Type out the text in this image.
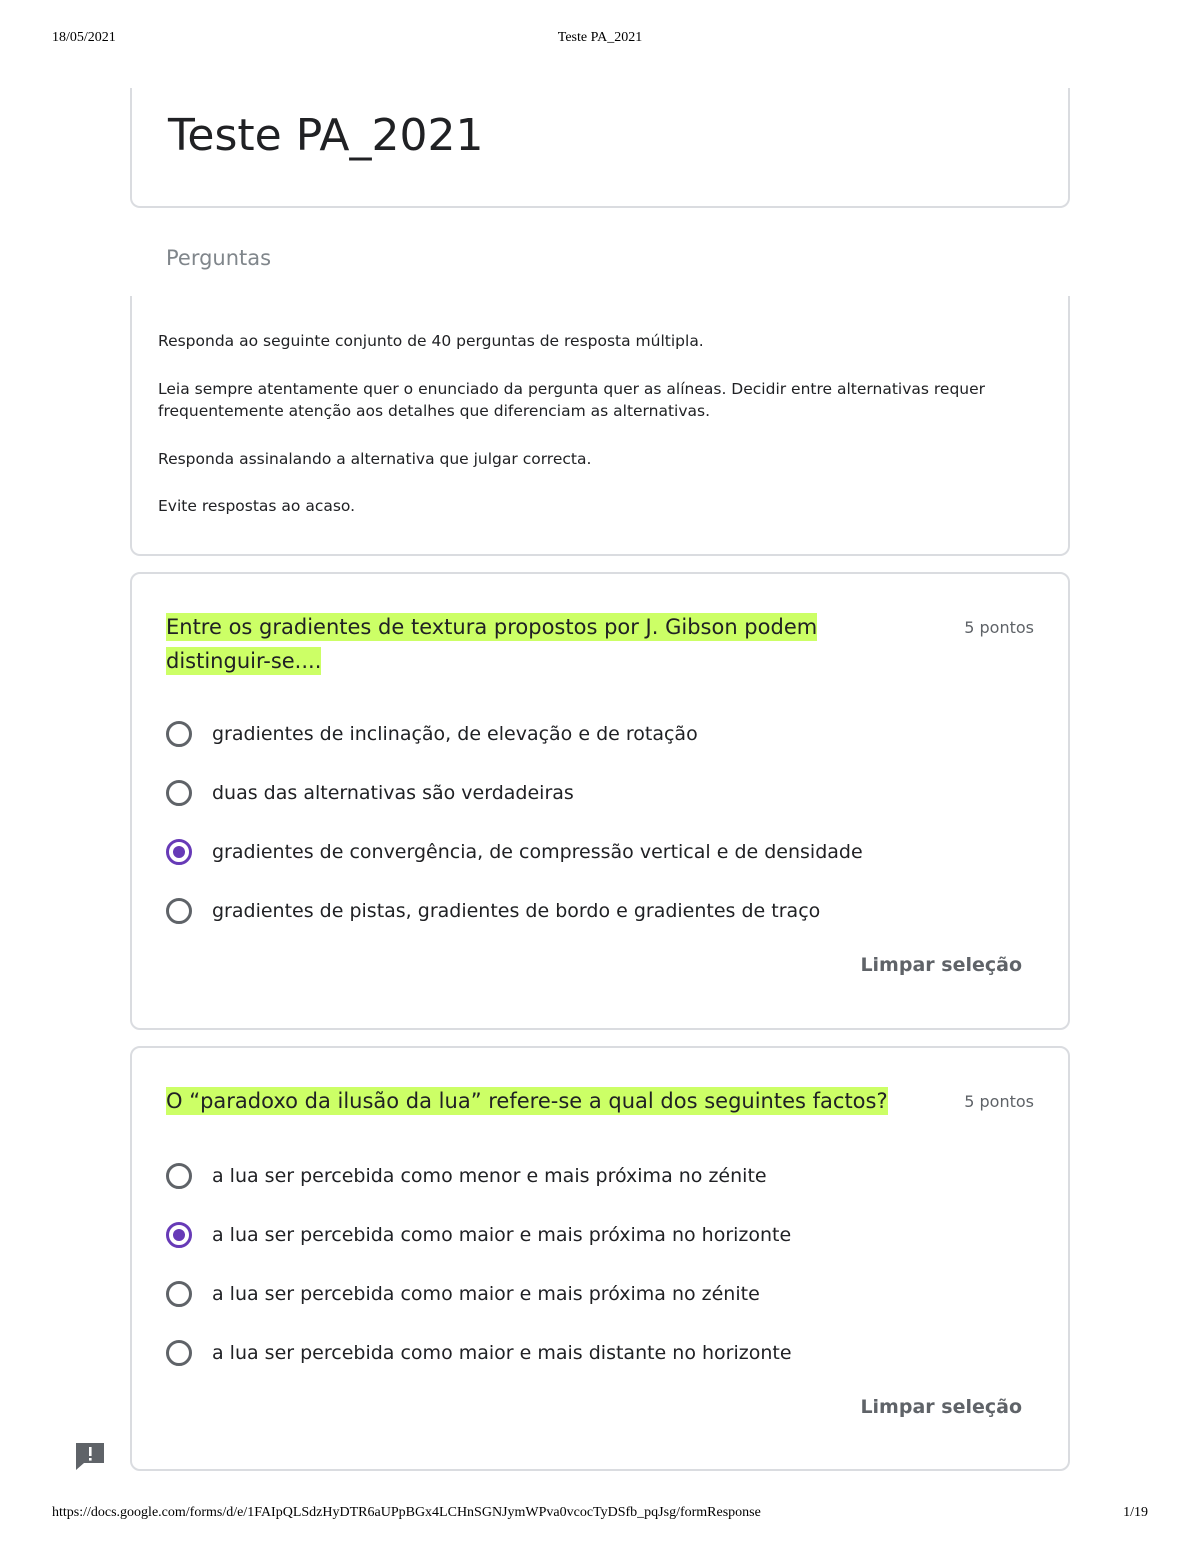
18/05/2021	Teste PA_2021
Teste PA_2021
Perguntas

Responda ao seguinte conjunto de 40 perguntas de resposta múltipla.

Leia sempre atentamente quer o enunciado da pergunta quer as alíneas. Decidir entre alternativas requer frequentemente atenção aos detalhes que diferenciam as alternativas.

Responda assinalando a alternativa que julgar correcta.

Evite respostas ao acaso.

Entre os gradientes de textura propostos por J. Gibson podem distinguir-se....
5 pontos
gradientes de inclinação, de elevação e de rotação
duas das alternativas são verdadeiras
gradientes de convergência, de compressão vertical e de densidade
gradientes de pistas, gradientes de bordo e gradientes de traço
Limpar seleção
O “paradoxo da ilusão da lua” refere-se a qual dos seguintes factos?	5 pontos
a lua ser percebida como menor e mais próxima no zénite
a lua ser percebida como maior e mais próxima no horizonte
a lua ser percebida como maior e mais próxima no zénite
a lua ser percebida como maior e mais distante no horizonte
Limpar seleção
https://docs.google.com/forms/d/e/1FAIpQLSdzHyDTR6aUPpBGx4LCHnSGNJymWPva0vcocTyDSfb_pqJsg/formResponse	1/19
